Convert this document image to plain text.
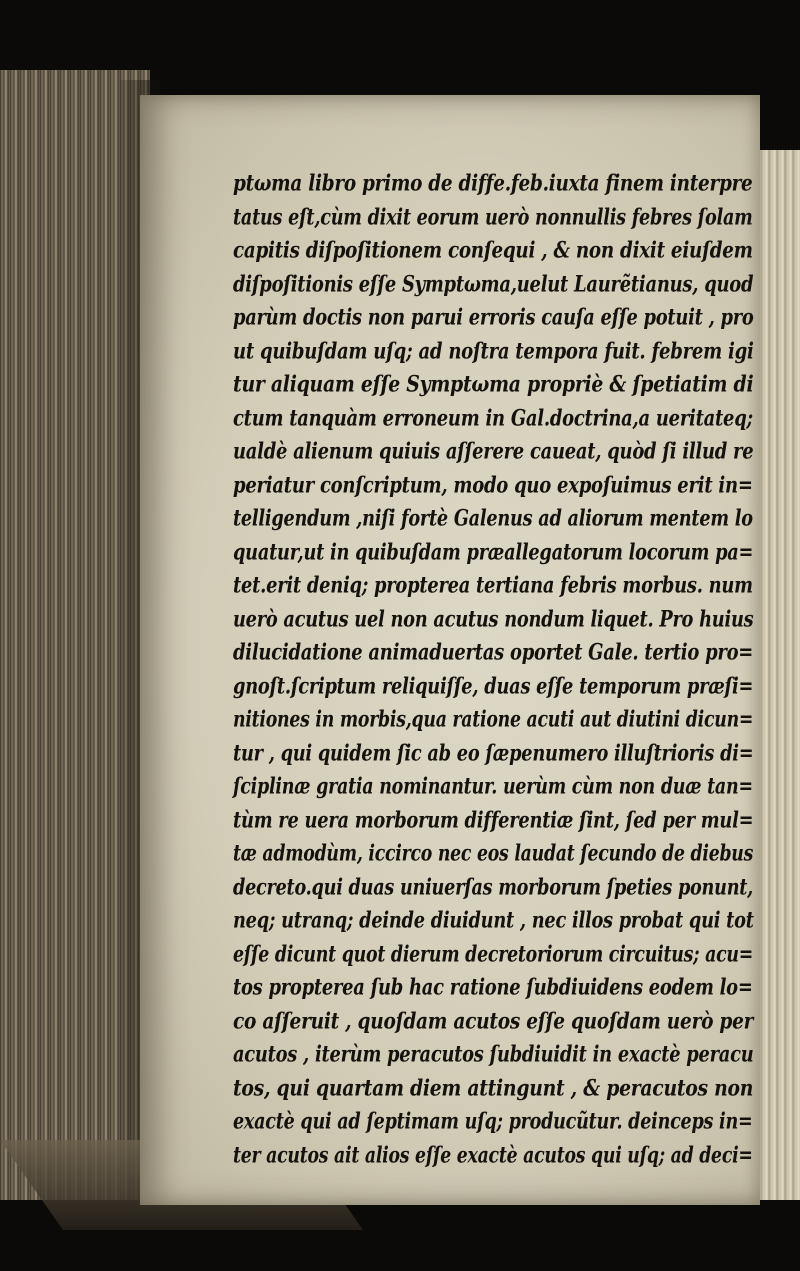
ptωma libro primo de diffe.feb.iuxta finem interpre
tatus eſt,cùm dixit eorum uerò nonnullis febres ſolam
capitis diſpoſitionem conſequi , & non dixit eiuſdem
diſpoſitionis eſſe Symptωma,uelut Laurẽtianus, quod
parùm doctis non parui erroris cauſa eſſe potuit , pro
ut quibuſdam uſq; ad noſtra tempora fuit. febrem igi
tur aliquam eſſe Symptωma propriè & ſpetiatim di
ctum tanquàm erroneum in Gal.doctrina,a ueritateq;
ualdè alienum quiuis aſſerere caueat, quòd ſi illud re
periatur conſcriptum, modo quo expoſuimus erit in=
telligendum ,niſi fortè Galenus ad aliorum mentem lo
quatur,ut in quibuſdam præallegatorum locorum pa=
tet.erit deniq; propterea tertiana febris morbus. num
uerò acutus uel non acutus nondum liquet. Pro huius
dilucidatione animaduertas oportet Gale. tertio pro=
gnoſt.ſcriptum reliquiſſe, duas eſſe temporum præſi=
nitiones in morbis,qua ratione acuti aut diutini dicun=
tur , qui quidem ſic ab eo ſæpenumero illuſtrioris di=
ſciplinæ gratia nominantur. uerùm cùm non duæ tan=
tùm re uera morborum differentiæ ſint, ſed per mul=
tæ admodùm, iccirco nec eos laudat ſecundo de diebus
decreto.qui duas uniuerſas morborum ſpeties ponunt,
neq; utranq; deinde diuidunt , nec illos probat qui tot
eſſe dicunt quot dierum decretoriorum circuitus; acu=
tos propterea ſub hac ratione ſubdiuidens eodem lo=
co aſſeruit , quoſdam acutos eſſe quoſdam uerò per
acutos , iterùm peracutos ſubdiuidit in exactè peracu
tos, qui quartam diem attingunt , & peracutos non
exactè qui ad ſeptimam uſq; producũtur. deinceps in=
ter acutos ait alios eſſe exactè acutos qui uſq; ad deci=
